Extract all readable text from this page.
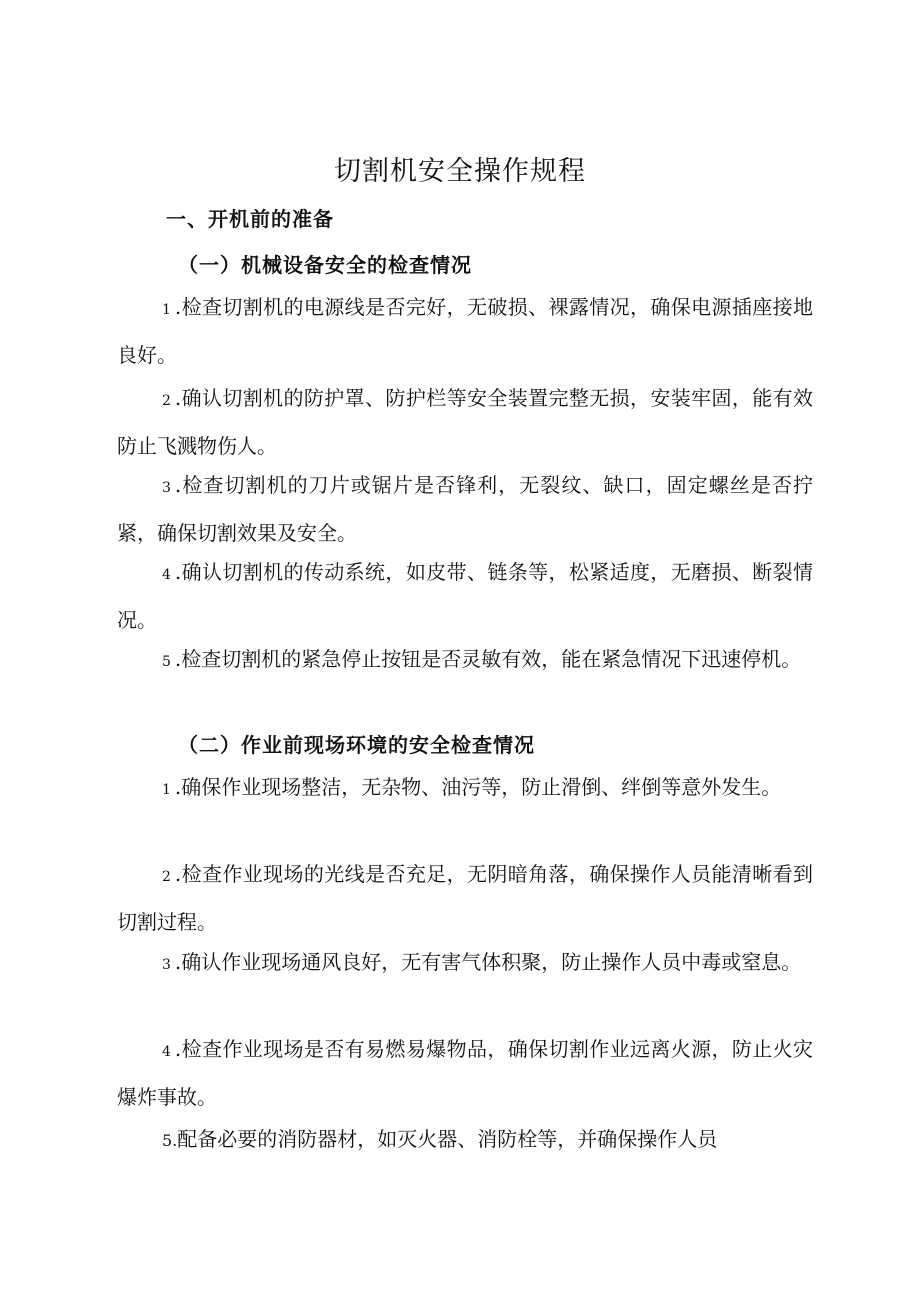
切割机安全操作规程
一、开机前的准备
（一）机械设备安全的检查情况
1 .检查切割机的电源线是否完好，无破损、裸露情况，确保电源插座接地良好。
2 .确认切割机的防护罩、防护栏等安全装置完整无损，安装牢固，能有效防止飞溅物伤人。
3 .检查切割机的刀片或锯片是否锋利，无裂纹、缺口，固定螺丝是否拧紧，确保切割效果及安全。
4 .确认切割机的传动系统，如皮带、链条等，松紧适度，无磨损、断裂情况。
5 .检查切割机的紧急停止按钮是否灵敏有效，能在紧急情况下迅速停机。
（二）作业前现场环境的安全检查情况
1 .确保作业现场整洁，无杂物、油污等，防止滑倒、绊倒等意外发生。
2 .检查作业现场的光线是否充足，无阴暗角落，确保操作人员能清晰看到切割过程。
3 .确认作业现场通风良好，无有害气体积聚，防止操作人员中毒或窒息。
4 .检查作业现场是否有易燃易爆物品，确保切割作业远离火源，防止火灾爆炸事故。
5.配备必要的消防器材，如灭火器、消防栓等，并确保操作人员
